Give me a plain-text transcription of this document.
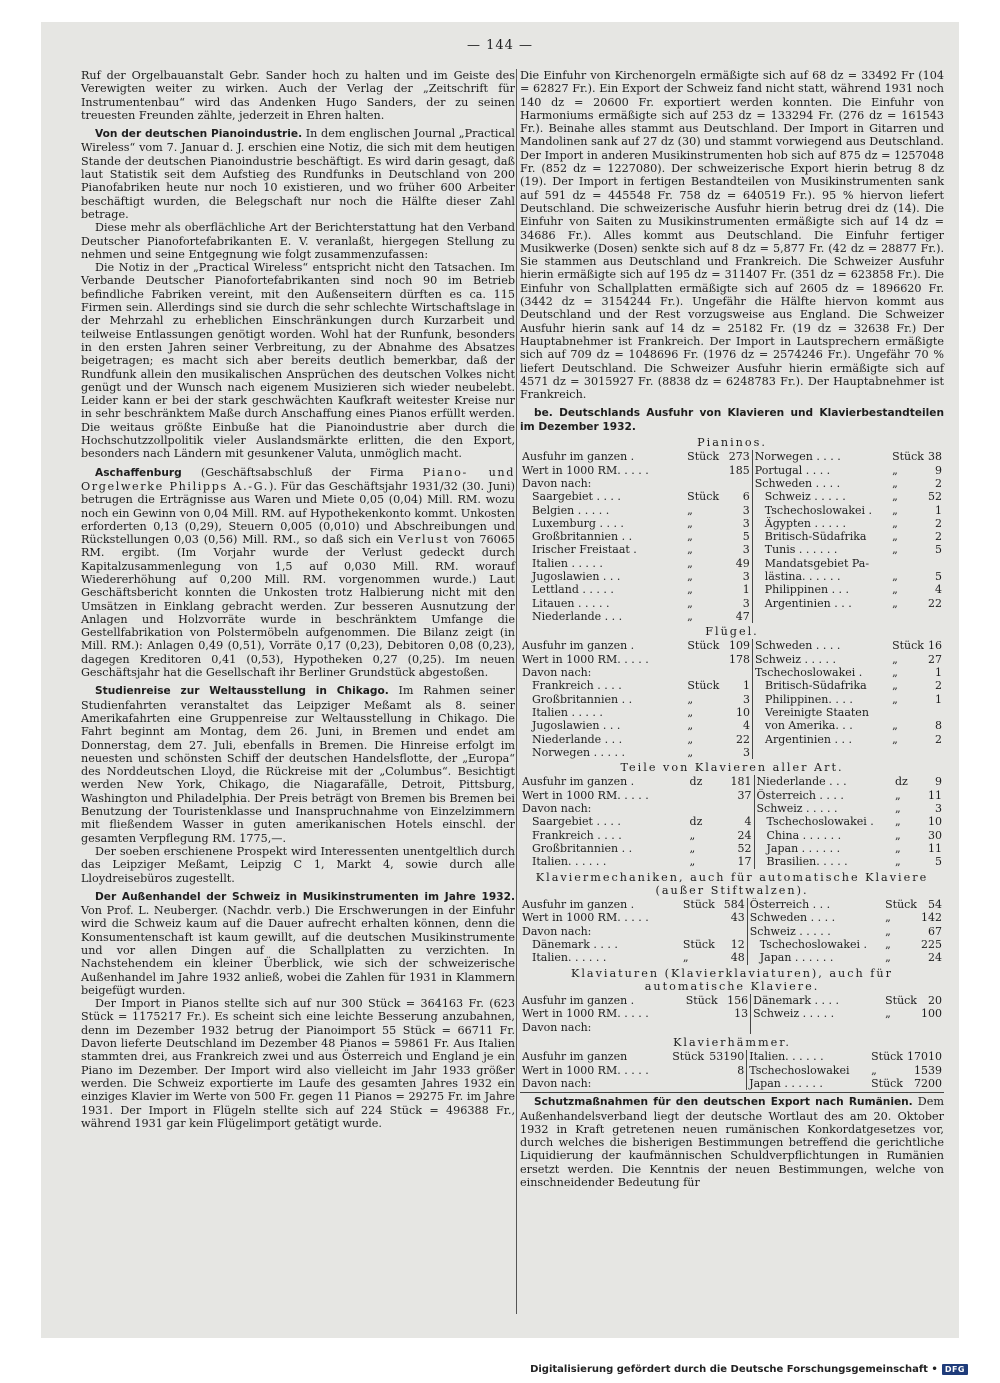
— 144 —

Ruf der Orgelbauanstalt Gebr. Sander hoch zu halten und im Geiste des Verewigten weiter zu wirken. Auch der Verlag der „Zeitschrift für Instrumentenbau“ wird das Andenken Hugo Sanders, der zu seinen treuesten Freunden zählte, jederzeit in Ehren halten.

Von der deutschen Pianoindustrie. In dem englischen Journal „Practical Wireless“ vom 7. Januar d. J. erschien eine Notiz, die sich mit dem heutigen Stande der deutschen Pianoindustrie beschäftigt. Es wird darin gesagt, daß laut Statistik seit dem Aufstieg des Rundfunks in Deutschland von 200 Pianofabriken heute nur noch 10 existieren, und wo früher 600 Arbeiter beschäftigt wurden, die Belegschaft nur noch die Hälfte dieser Zahl betrage.

Diese mehr als oberflächliche Art der Berichterstattung hat den Verband Deutscher Pianofortefabrikanten E. V. veranlaßt, hiergegen Stellung zu nehmen und seine Entgegnung wie folgt zusammenzufassen:

Die Notiz in der „Practical Wireless“ entspricht nicht den Tatsachen. Im Verbande Deutscher Pianofortefabrikanten sind noch 90 im Betrieb befindliche Fabriken vereint, mit den Außenseitern dürften es ca. 115 Firmen sein. Allerdings sind sie durch die sehr schlechte Wirtschaftslage in der Mehrzahl zu erheblichen Einschränkungen durch Kurzarbeit und teilweise Entlassungen genötigt worden. Wohl hat der Runfunk, besonders in den ersten Jahren seiner Verbreitung, zu der Abnahme des Absatzes beigetragen; es macht sich aber bereits deutlich bemerkbar, daß der Rundfunk allein den musikalischen Ansprüchen des deutschen Volkes nicht genügt und der Wunsch nach eigenem Musizieren sich wieder neubelebt. Leider kann er bei der stark geschwächten Kaufkraft weitester Kreise nur in sehr beschränktem Maße durch Anschaffung eines Pianos erfüllt werden. Die weitaus größte Einbuße hat die Pianoindustrie aber durch die Hochschutzzollpolitik vieler Auslandsmärkte erlitten, die den Export, besonders nach Ländern mit gesunkener Valuta, unmöglich macht.

Aschaffenburg (Geschäftsabschluß der Firma Piano- und Orgelwerke Philipps A.-G.). Für das Geschäftsjahr 1931/32 (30. Juni) betrugen die Erträgnisse aus Waren und Miete 0,05 (0,04) Mill. RM. wozu noch ein Gewinn von 0,04 Mill. RM. auf Hypothekenkonto kommt. Unkosten erforderten 0,13 (0,29), Steuern 0,005 (0,010) und Abschreibungen und Rückstellungen 0,03 (0,56) Mill. RM., so daß sich ein Verlust von 76065 RM. ergibt. (Im Vorjahr wurde der Verlust gedeckt durch Kapitalzusammenlegung von 1,5 auf 0,030 Mill. RM. worauf Wiedererhöhung auf 0,200 Mill. RM. vorgenommen wurde.) Laut Geschäftsbericht konnten die Unkosten trotz Halbierung nicht mit den Umsätzen in Einklang gebracht werden. Zur besseren Ausnutzung der Anlagen und Holzvorräte wurde in beschränktem Umfange die Gestellfabrikation von Polstermöbeln aufgenommen. Die Bilanz zeigt (in Mill. RM.): Anlagen 0,49 (0,51), Vorräte 0,17 (0,23), Debitoren 0,08 (0,23), dagegen Kreditoren 0,41 (0,53), Hypotheken 0,27 (0,25). Im neuen Geschäftsjahr hat die Gesellschaft ihr Berliner Grundstück abgestoßen.

Studienreise zur Weltausstellung in Chikago. Im Rahmen seiner Studienfahrten veranstaltet das Leipziger Meßamt als 8. seiner Amerikafahrten eine Gruppenreise zur Weltausstellung in Chikago. Die Fahrt beginnt am Montag, dem 26. Juni, in Bremen und endet am Donnerstag, dem 27. Juli, ebenfalls in Bremen. Die Hinreise erfolgt im neuesten und schönsten Schiff der deutschen Handelsflotte, der „Europa“ des Norddeutschen Lloyd, die Rückreise mit der „Columbus“. Besichtigt werden New York, Chikago, die Niagarafälle, Detroit, Pittsburg, Washington und Philadelphia. Der Preis beträgt von Bremen bis Bremen bei Benutzung der Touristenklasse und Inanspruchnahme von Einzelzimmern mit fließendem Wasser in guten amerikanischen Hotels einschl. der gesamten Verpflegung RM. 1775,—.

Der soeben erschienene Prospekt wird Interessenten unentgeltlich durch das Leipziger Meßamt, Leipzig C 1, Markt 4, sowie durch alle Lloydreisebüros zugestellt.

Der Außenhandel der Schweiz in Musikinstrumenten im Jahre 1932. Von Prof. L. Neuberger. (Nachdr. verb.) Die Erschwerungen in der Einfuhr wird die Schweiz kaum auf die Dauer aufrecht erhalten können, denn die Konsumentenschaft ist kaum gewillt, auf die deutschen Musikinstrumente und vor allen Dingen auf die Schallplatten zu verzichten. In Nachstehendem ein kleiner Überblick, wie sich der schweizerische Außenhandel im Jahre 1932 anließ, wobei die Zahlen für 1931 in Klammern beigefügt wurden.

Der Import in Pianos stellte sich auf nur 300 Stück = 364163 Fr. (623 Stück = 1175217 Fr.). Es scheint sich eine leichte Besserung anzubahnen, denn im Dezember 1932 betrug der Pianoimport 55 Stück = 66711 Fr. Davon lieferte Deutschland im Dezember 48 Pianos = 59861 Fr. Aus Italien stammten drei, aus Frankreich zwei und aus Österreich und England je ein Piano im Dezember. Der Import wird also vielleicht im Jahr 1933 größer werden. Die Schweiz exportierte im Laufe des gesamten Jahres 1932 ein einziges Klavier im Werte von 500 Fr. gegen 11 Pianos = 29275 Fr. im Jahre 1931. Der Import in Flügeln stellte sich auf 224 Stück = 496388 Fr., während 1931 gar kein Flügelimport getätigt wurde.

Die Einfuhr von Kirchenorgeln ermäßigte sich auf 68 dz = 33492 Fr (104 = 62827 Fr.). Ein Export der Schweiz fand nicht statt, während 1931 noch 140 dz = 20600 Fr. exportiert werden konnten. Die Einfuhr von Harmoniums ermäßigte sich auf 253 dz = 133294 Fr. (276 dz = 161543 Fr.). Beinahe alles stammt aus Deutschland. Der Import in Gitarren und Mandolinen sank auf 27 dz (30) und stammt vorwiegend aus Deutschland. Der Import in anderen Musikinstrumenten hob sich auf 875 dz = 1257048 Fr. (852 dz = 1227080). Der schweizerische Export hierin betrug 8 dz (19). Der Import in fertigen Bestandteilen von Musikinstrumenten sank auf 591 dz = 445548 Fr. 758 dz = 640519 Fr.). 95 % hiervon liefert Deutschland. Die schweizerische Ausfuhr hierin betrug drei dz (14). Die Einfuhr von Saiten zu Musikinstrumenten ermäßigte sich auf 14 dz = 34686 Fr.). Alles kommt aus Deutschland. Die Einfuhr fertiger Musikwerke (Dosen) senkte sich auf 8 dz = 5,877 Fr. (42 dz = 28877 Fr.). Sie stammen aus Deutschland und Frankreich. Die Schweizer Ausfuhr hierin ermäßigte sich auf 195 dz = 311407 Fr. (351 dz = 623858 Fr.). Die Einfuhr von Schallplatten ermäßigte sich auf 2605 dz = 1896620 Fr. (3442 dz = 3154244 Fr.). Ungefähr die Hälfte hiervon kommt aus Deutschland und der Rest vorzugsweise aus England. Die Schweizer Ausfuhr hierin sank auf 14 dz = 25182 Fr. (19 dz = 32638 Fr.) Der Hauptabnehmer ist Frankreich. Der Import in Lautsprechern ermäßigte sich auf 709 dz = 1048696 Fr. (1976 dz = 2574246 Fr.). Ungefähr 70 % liefert Deutschland. Die Schweizer Ausfuhr hierin ermäßigte sich auf 4571 dz = 3015927 Fr. (8838 dz = 6248783 Fr.). Der Hauptabnehmer ist Frankreich.

be. Deutschlands Ausfuhr von Klavieren und Klavierbestandteilen im Dezember 1932.

Pianinos.
Ausfuhr im ganzen .	Stück	273	Norwegen . . . .	Stück	38
Wert in 1000 RM. . . . .		185	Portugal . . . .	„	9
Davon nach:			Schweden . . . .	„	2
Saargebiet . . . .	Stück	6	Schweiz . . . . .	„	52
Belgien . . . . .	„	3	Tschechoslowakei .	„	1
Luxemburg . . . .	„	3	Ägypten . . . . .	„	2
Großbritannien . .	„	5	Britisch-Südafrika	„	2
Irischer Freistaat .	„	3	Tunis . . . . . .	„	5
Italien . . . . .	„	49	Mandatsgebiet Pa-		
Jugoslawien . . .	„	3	lästina. . . . . .	„	5
Lettland . . . . .	„	1	Philippinen . . .	„	4
Litauen . . . . .	„	3	Argentinien . . .	„	22
Niederlande . . .	„	47			
Flügel.
Ausfuhr im ganzen .	Stück	109	Schweden . . . .	Stück	16
Wert in 1000 RM. . . . .		178	Schweiz . . . . .	„	27
Davon nach:			Tschechoslowakei .	„	1
Frankreich . . . .	Stück	1	Britisch-Südafrika	„	2
Großbritannien . .	„	3	Philippinen. . . .	„	1
Italien . . . . .	„	10	Vereinigte Staaten		
Jugoslawien . . .	„	4	von Amerika. . .	„	8
Niederlande . . .	„	22	Argentinien . . .	„	2
Norwegen . . . . .	„	3			
Teile von Klavieren aller Art.
Ausfuhr im ganzen .	dz	181	Niederlande . . .	dz	9
Wert in 1000 RM. . . . .		37	Österreich . . . .	„	11
Davon nach:			Schweiz . . . . .	„	3
Saargebiet . . . .	dz	4	Tschechoslowakei .	„	10
Frankreich . . . .	„	24	China . . . . . .	„	30
Großbritannien . .	„	52	Japan . . . . . .	„	11
Italien. . . . . .	„	17	Brasilien. . . . .	„	5
Klaviermechaniken, auch für automatische Klaviere (außer Stiftwalzen).
Ausfuhr im ganzen .	Stück	584	Österreich . . .	Stück	54
Wert in 1000 RM. . . . .		43	Schweden . . . .	„	142
Davon nach:			Schweiz . . . . .	„	67
Dänemark . . . .	Stück	12	Tschechoslowakei .	„	225
Italien. . . . . .	„	48	Japan . . . . . .	„	24
Klaviaturen (Klavierklaviaturen), auch für automatische Klaviere.
Ausfuhr im ganzen .	Stück	156	Dänemark . . . .	Stück	20
Wert in 1000 RM. . . . .		13	Schweiz . . . . .	„	100
Davon nach:					
Klavierhämmer.
Ausfuhr im ganzen	Stück	53190	Italien. . . . . .	Stück	17010
Wert in 1000 RM. . . . .		8	Tschechoslowakei	„	1539
Davon nach:			Japan . . . . . .	Stück	7200

Schutzmaßnahmen für den deutschen Export nach Rumänien. Dem Außenhandelsverband liegt der deutsche Wortlaut des am 20. Oktober 1932 in Kraft getretenen neuen rumänischen Konkordatgesetzes vor, durch welches die bisherigen Bestimmungen betreffend die gerichtliche Liquidierung der kaufmännischen Schuldverpflichtungen in Rumänien ersetzt werden. Die Kenntnis der neuen Bestimmungen, welche von einschneidender Bedeutung für

Digitalisierung gefördert durch die Deutsche Forschungsgemeinschaft • DFG
